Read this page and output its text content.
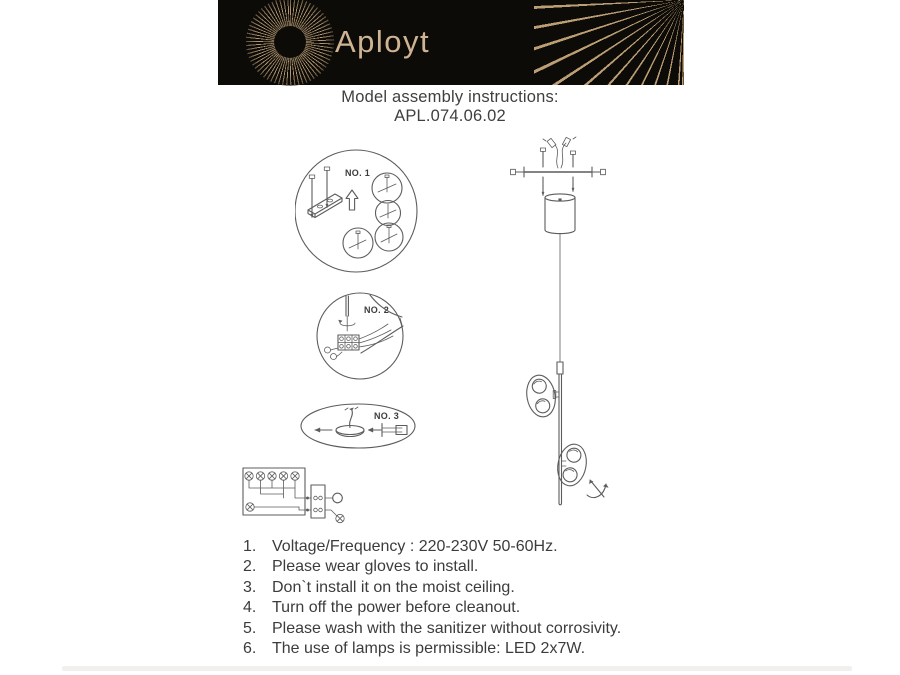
Aployt
Model assembly instructions:
APL.074.06.02
NO. 1
NO. 2
NO. 3
1. Voltage/Frequency : 220-230V 50-60Hz.
2. Please wear gloves to install.
3. Don`t install it on the moist ceiling.
4. Turn off the power before cleanout.
5. Please wash with the sanitizer without corrosivity.
6. The use of lamps is permissible: LED 2x7W.
